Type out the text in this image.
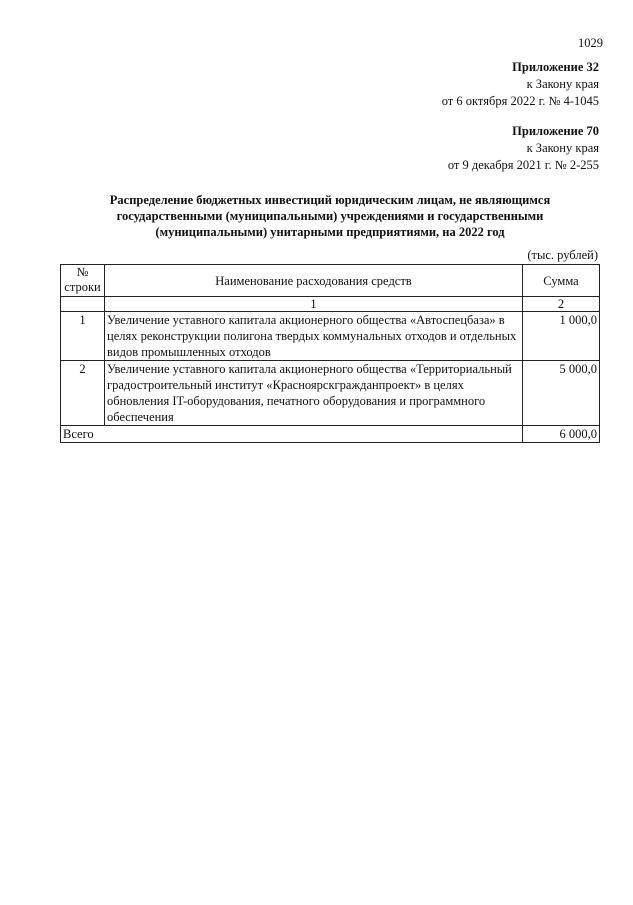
1029
Приложение 32
к Закону края
от 6 октября 2022 г. № 4-1045
Приложение 70
к Закону края
от 9 декабря 2021 г. № 2-255
Распределение бюджетных инвестиций юридическим лицам, не являющимся
государственными (муниципальными) учреждениями и государственными
(муниципальными) унитарными предприятиями, на 2022 год
(тыс. рублей)
№
строки	Наименование расходования средств	Сумма
	1	2
1	Увеличение уставного капитала акционерного общества «Автоспецбаза» в целях реконструкции полигона твердых коммунальных отходов и отдельных видов промышленных отходов	1 000,0
2	Увеличение уставного капитала акционерного общества «Территориальный градостроительный институт «Красноярскгражданпроект» в целях обновления IT-оборудования, печатного оборудования и программного обеспечения	5 000,0
Всего		6 000,0
